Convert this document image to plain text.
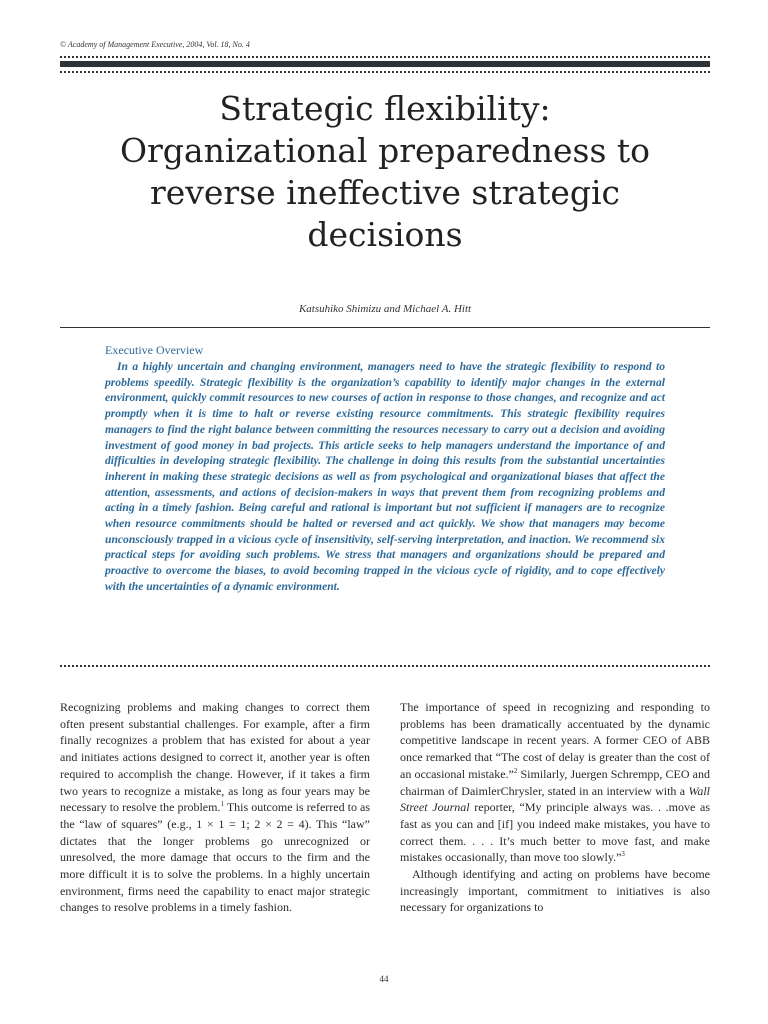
© Academy of Management Executive, 2004, Vol. 18, No. 4
Strategic flexibility:
Organizational preparedness to
reverse ineffective strategic
decisions
Katsuhiko Shimizu and Michael A. Hitt

Executive Overview

In a highly uncertain and changing environment, managers need to have the strategic flexibility to respond to problems speedily. Strategic flexibility is the organization’s capability to identify major changes in the external environment, quickly commit resources to new courses of action in response to those changes, and recognize and act promptly when it is time to halt or reverse existing resource commitments. This strategic flexibility requires managers to find the right balance between committing the resources necessary to carry out a decision and avoiding investment of good money in bad projects. This article seeks to help managers understand the importance of and difficulties in developing strategic flexibility. The challenge in doing this results from the substantial uncertainties inherent in making these strategic decisions as well as from psychological and organizational biases that affect the attention, assessments, and actions of decision-makers in ways that prevent them from recognizing problems and acting in a timely fashion. Being careful and rational is important but not sufficient if managers are to recognize when resource commitments should be halted or reversed and act quickly. We show that managers may become unconsciously trapped in a vicious cycle of insensitivity, self-serving interpretation, and inaction. We recommend six practical steps for avoiding such problems. We stress that managers and organizations should be prepared and proactive to overcome the biases, to avoid becoming trapped in the vicious cycle of rigidity, and to cope effectively with the uncertainties of a dynamic environment.

Recognizing problems and making changes to correct them often present substantial challenges. For example, after a firm finally recognizes a problem that has existed for about a year and initiates actions designed to correct it, another year is often required to accomplish the change. However, if it takes a firm two years to recognize a mistake, as long as four years may be necessary to resolve the problem.$^1$ This outcome is referred to as the “law of squares” (e.g., 1 × 1 = 1; 2 × 2 = 4). This “law” dictates that the longer problems go unrecognized or unresolved, the more damage that occurs to the firm and the more difficult it is to solve the problems. In a highly uncertain environment, firms need the capability to enact major strategic changes to resolve problems in a timely fashion.

The importance of speed in recognizing and responding to problems has been dramatically accentuated by the dynamic competitive landscape in recent years. A former CEO of ABB once remarked that “The cost of delay is greater than the cost of an occasional mistake.”$^2$ Similarly, Juergen Schrempp, CEO and chairman of DaimlerChrysler, stated in an interview with a Wall Street Journal reporter, “My principle always was. . .move as fast as you can and [if] you indeed make mistakes, you have to correct them. . . . It’s much better to move fast, and make mistakes occasionally, than move too slowly.”$^3$

Although identifying and acting on problems have become increasingly important, commitment to initiatives is also necessary for organizations to

44
